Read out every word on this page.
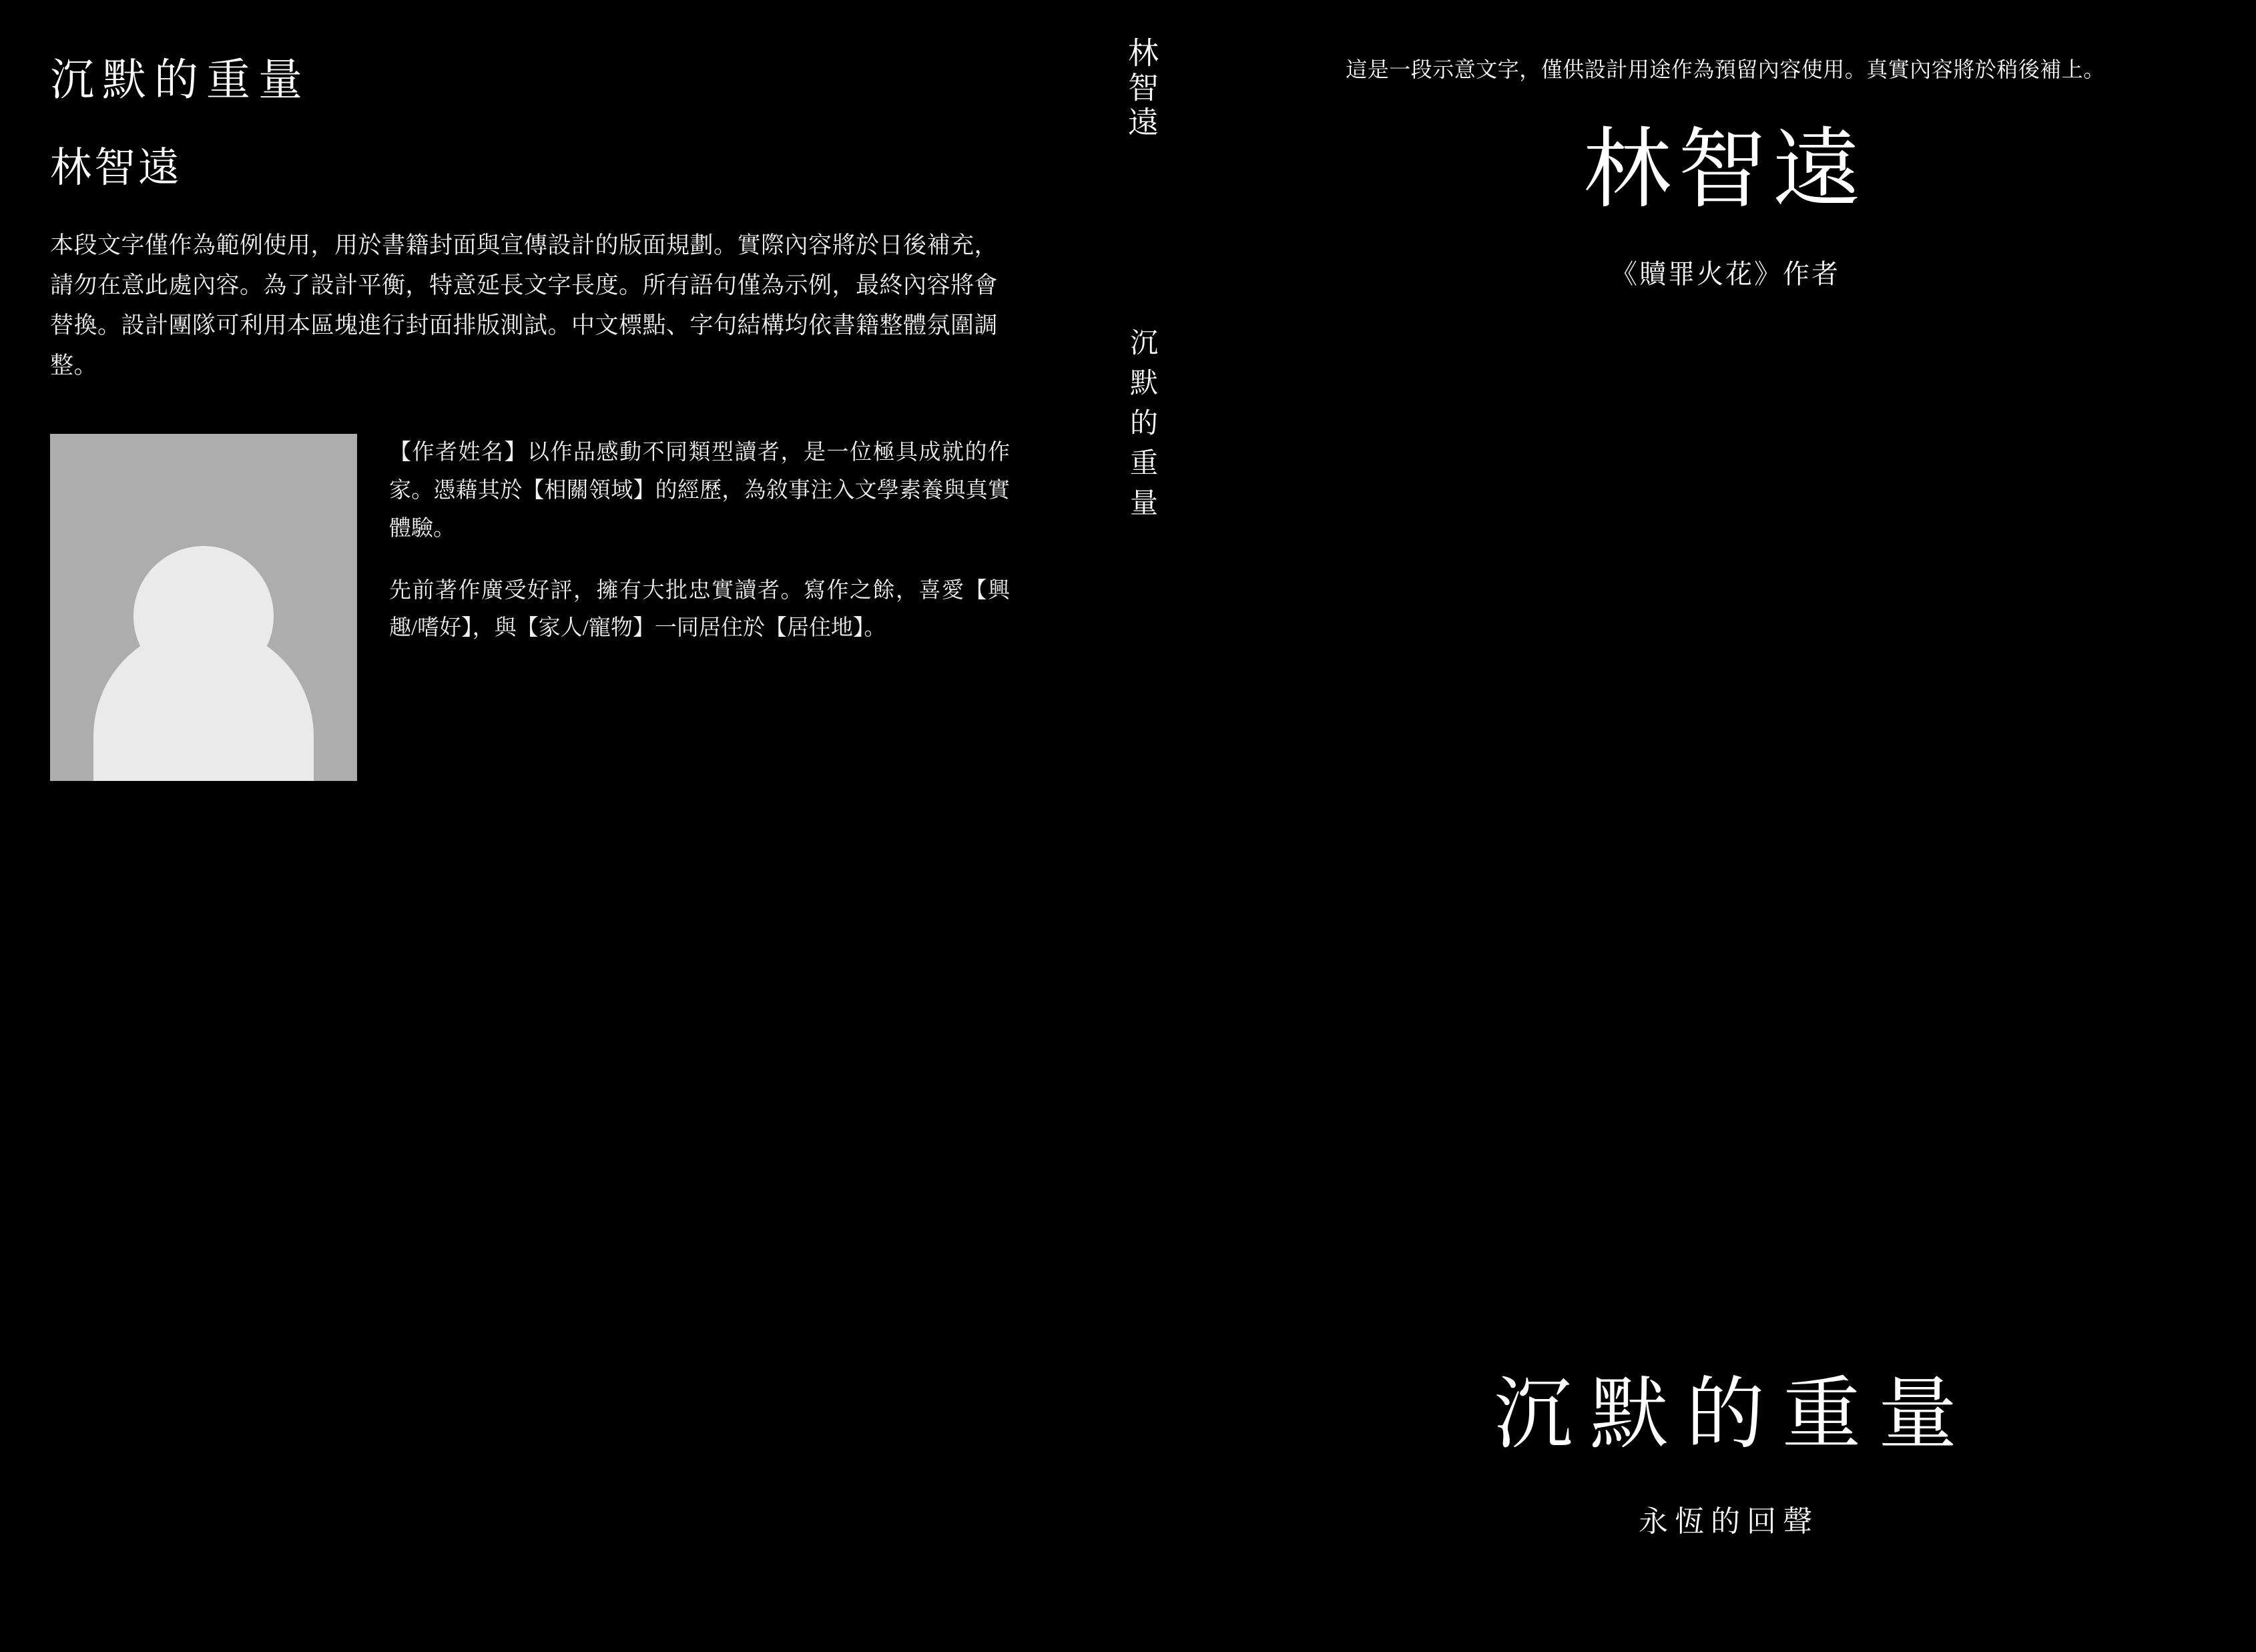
沉默的重量
林智遠

本段文字僅作為範例使用，用於書籍封面與宣傳設計的版面規劃。實際內容將於日後補充，請勿在意此處內容。為了設計平衡，特意延長文字長度。所有語句僅為示例，最終內容將會替換。設計團隊可利用本區塊進行封面排版測試。中文標點、字句結構均依書籍整體氛圍調整。

【作者姓名】以作品感動不同類型讀者，是一位極具成就的作家。憑藉其於【相關領域】的經歷，為敘事注入文學素養與真實體驗。

先前著作廣受好評，擁有大批忠實讀者。寫作之餘，喜愛【興趣/嗜好】，與【家人/寵物】一同居住於【居住地】。

林智遠
沉默的重量
這是一段示意文字，僅供設計用途作為預留內容使用。真實內容將於稍後補上。
林智遠
《贖罪火花》作者
沉默的重量
永恆的回聲
